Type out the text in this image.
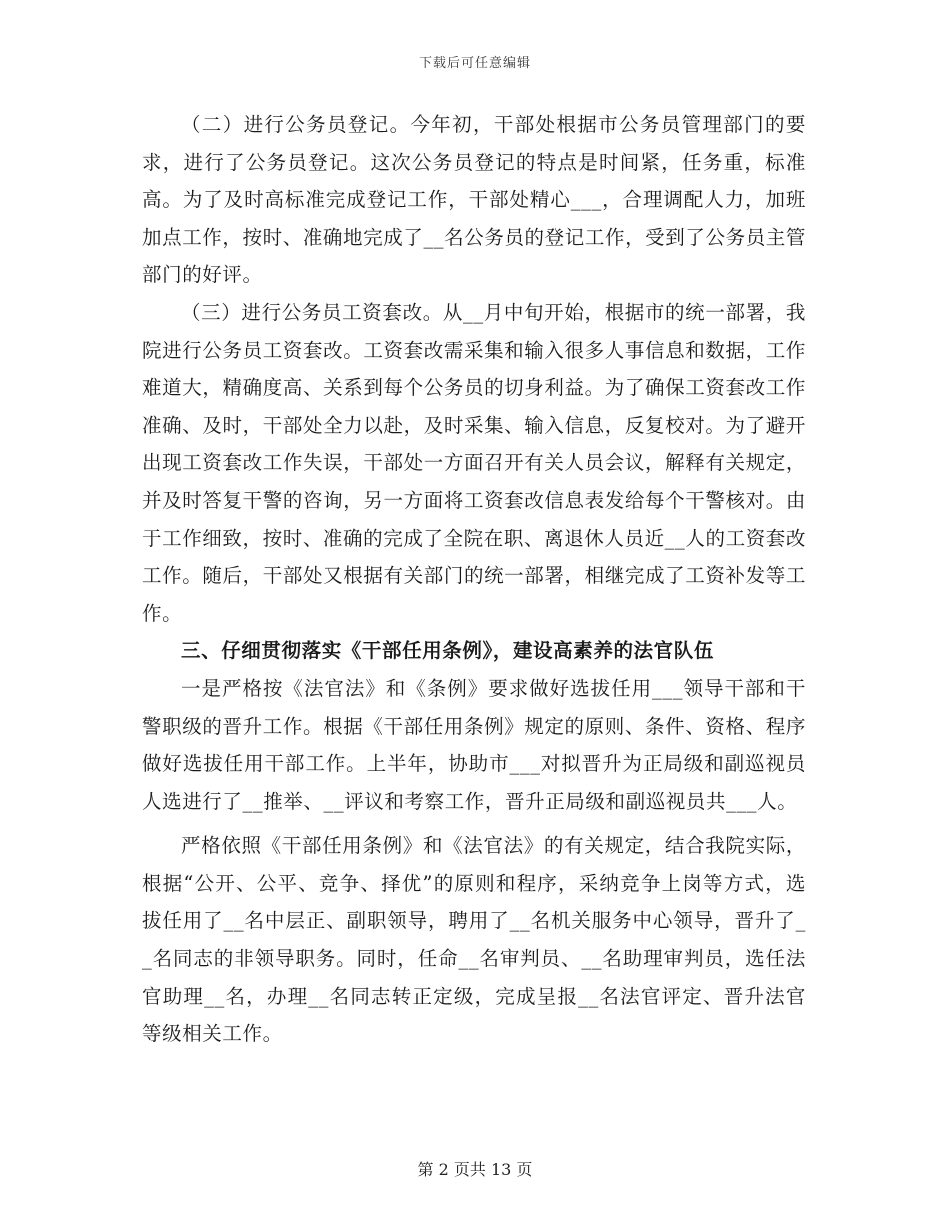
下载后可任意编辑

（二）进行公务员登记。今年初，干部处根据市公务员管理部门的要求，进行了公务员登记。这次公务员登记的特点是时间紧，任务重，标准高。为了及时高标准完成登记工作，干部处精心___，合理调配人力，加班加点工作，按时、准确地完成了__名公务员的登记工作，受到了公务员主管部门的好评。

（三）进行公务员工资套改。从__月中旬开始，根据市的统一部署，我院进行公务员工资套改。工资套改需采集和输入很多人事信息和数据，工作难道大，精确度高、关系到每个公务员的切身利益。为了确保工资套改工作准确、及时，干部处全力以赴，及时采集、输入信息，反复校对。为了避开出现工资套改工作失误，干部处一方面召开有关人员会议，解释有关规定，并及时答复干警的咨询，另一方面将工资套改信息表发给每个干警核对。由于工作细致，按时、准确的完成了全院在职、离退休人员近__人的工资套改工作。随后，干部处又根据有关部门的统一部署，相继完成了工资补发等工作。

三、仔细贯彻落实《干部任用条例》，建设高素养的法官队伍

一是严格按《法官法》和《条例》要求做好选拔任用___领导干部和干警职级的晋升工作。根据《干部任用条例》规定的原则、条件、资格、程序做好选拔任用干部工作。上半年，协助市___对拟晋升为正局级和副巡视员人选进行了__推举、__评议和考察工作，晋升正局级和副巡视员共___人。

严格依照《干部任用条例》和《法官法》的有关规定，结合我院实际，根据“公开、公平、竞争、择优”的原则和程序，采纳竞争上岗等方式，选拔任用了__名中层正、副职领导，聘用了__名机关服务中心领导，晋升了__名同志的非领导职务。同时，任命__名审判员、__名助理审判员，选任法官助理__名，办理__名同志转正定级，完成呈报__名法官评定、晋升法官等级相关工作。

第 2 页共 13 页
